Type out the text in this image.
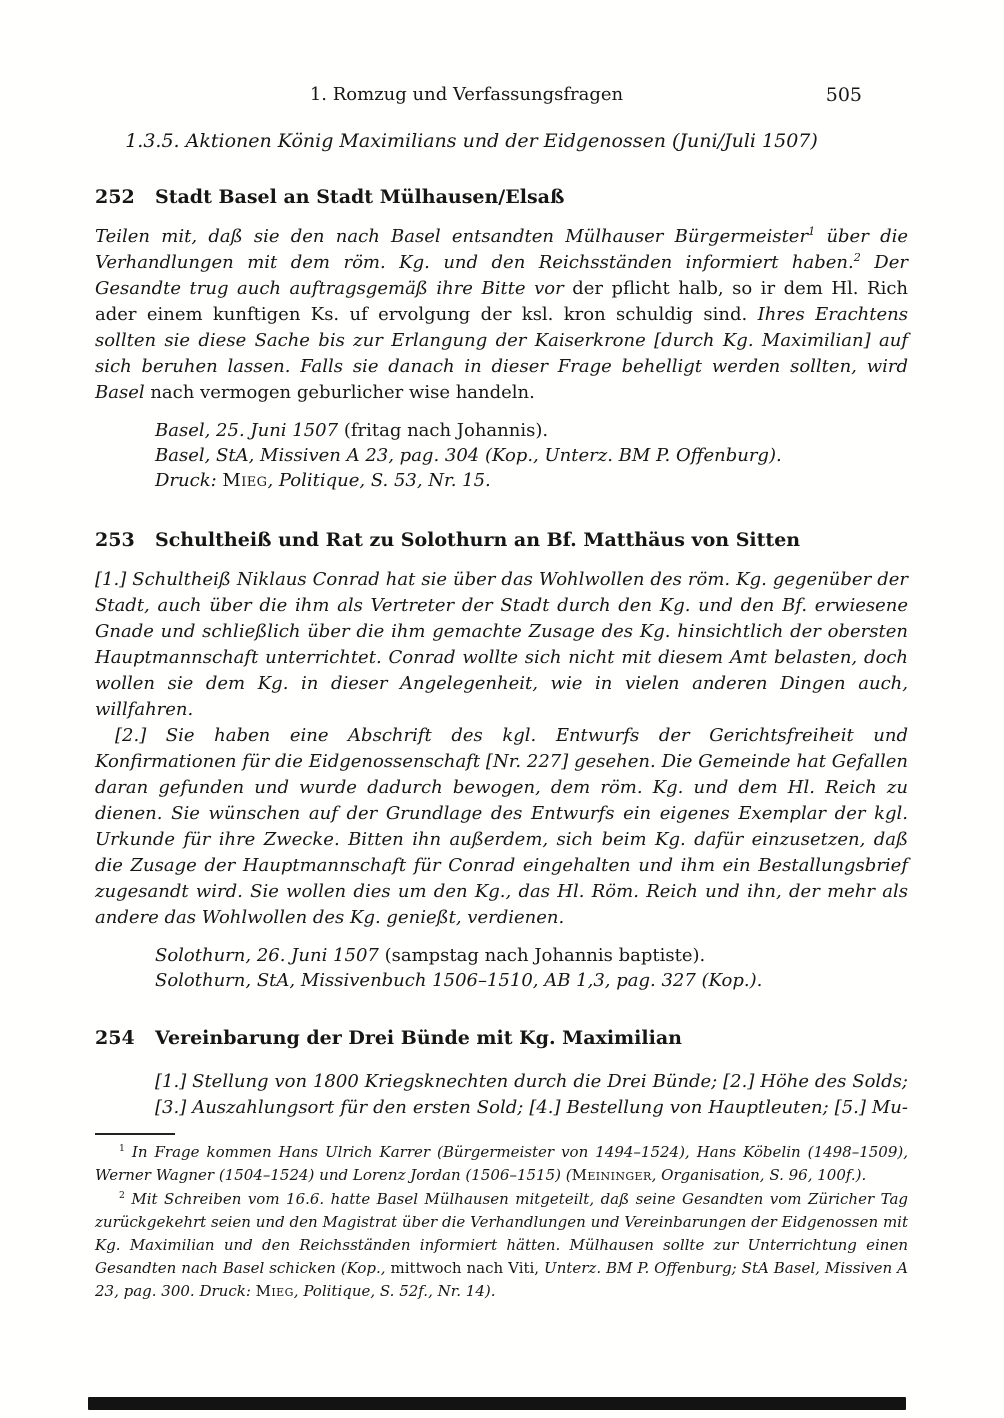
1. Romzug und Verfassungsfragen	505
1.3.5. Aktionen König Maximilians und der Eidgenossen (Juni/Juli 1507)
252	Stadt Basel an Stadt Mülhausen/Elsaß

Teilen mit, daß sie den nach Basel entsandten Mülhauser Bürgermeister$^1$ über die Verhandlungen mit dem röm. Kg. und den Reichsständen informiert haben.$^2$ Der Gesandte trug auch auftragsgemäß ihre Bitte vor der pflicht halb, so ir dem Hl. Rich ader einem kunftigen Ks. uf ervolgung der ksl. kron schuldig sind. Ihres Erachtens sollten sie diese Sache bis zur Erlangung der Kaiserkrone [durch Kg. Maximilian] auf sich beruhen lassen. Falls sie danach in dieser Frage behelligt werden sollten, wird Basel nach vermogen geburlicher wise handeln.

Basel, 25. Juni 1507 (fritag nach Johannis).

Basel, StA, Missiven A 23, pag. 304 (Kop., Unterz. BM P. Offenburg).

Druck: Mieg, Politique, S. 53, Nr. 15.

253	Schultheiß und Rat zu Solothurn an Bf. Matthäus von Sitten

[1.] Schultheiß Niklaus Conrad hat sie über das Wohlwollen des röm. Kg. gegenüber der Stadt, auch über die ihm als Vertreter der Stadt durch den Kg. und den Bf. erwiesene Gnade und schließlich über die ihm gemachte Zusage des Kg. hinsichtlich der obersten Hauptmannschaft unterrichtet. Conrad wollte sich nicht mit diesem Amt belasten, doch wollen sie dem Kg. in dieser Angelegenheit, wie in vielen anderen Dingen auch, willfahren.

[2.] Sie haben eine Abschrift des kgl. Entwurfs der Gerichtsfreiheit und Konfirmationen für die Eidgenossenschaft [Nr. 227] gesehen. Die Gemeinde hat Gefallen daran gefunden und wurde dadurch bewogen, dem röm. Kg. und dem Hl. Reich zu dienen. Sie wünschen auf der Grundlage des Entwurfs ein eigenes Exemplar der kgl. Urkunde für ihre Zwecke. Bitten ihn außerdem, sich beim Kg. dafür einzusetzen, daß die Zusage der Hauptmannschaft für Conrad eingehalten und ihm ein Bestallungsbrief zugesandt wird. Sie wollen dies um den Kg., das Hl. Röm. Reich und ihn, der mehr als andere das Wohlwollen des Kg. genießt, verdienen.

Solothurn, 26. Juni 1507 (sampstag nach Johannis baptiste).

Solothurn, StA, Missivenbuch 1506–1510, AB 1,3, pag. 327 (Kop.).

254	Vereinbarung der Drei Bünde mit Kg. Maximilian

[1.] Stellung von 1800 Kriegsknechten durch die Drei Bünde; [2.] Höhe des Solds; [3.] Auszahlungsort für den ersten Sold; [4.] Bestellung von Hauptleuten; [5.] Mu-

$^1$ In Frage kommen Hans Ulrich Karrer (Bürgermeister von 1494–1524), Hans Köbelin (1498–1509), Werner Wagner (1504–1524) und Lorenz Jordan (1506–1515) (Meininger, Organisation, S. 96, 100f.).

$^2$ Mit Schreiben vom 16.6. hatte Basel Mülhausen mitgeteilt, daß seine Gesandten vom Züricher Tag zurückgekehrt seien und den Magistrat über die Verhandlungen und Vereinbarungen der Eidgenossen mit Kg. Maximilian und den Reichsständen informiert hätten. Mülhausen sollte zur Unterrichtung einen Gesandten nach Basel schicken (Kop., mittwoch nach Viti, Unterz. BM P. Offenburg; StA Basel, Missiven A 23, pag. 300. Druck: Mieg, Politique, S. 52f., Nr. 14).
